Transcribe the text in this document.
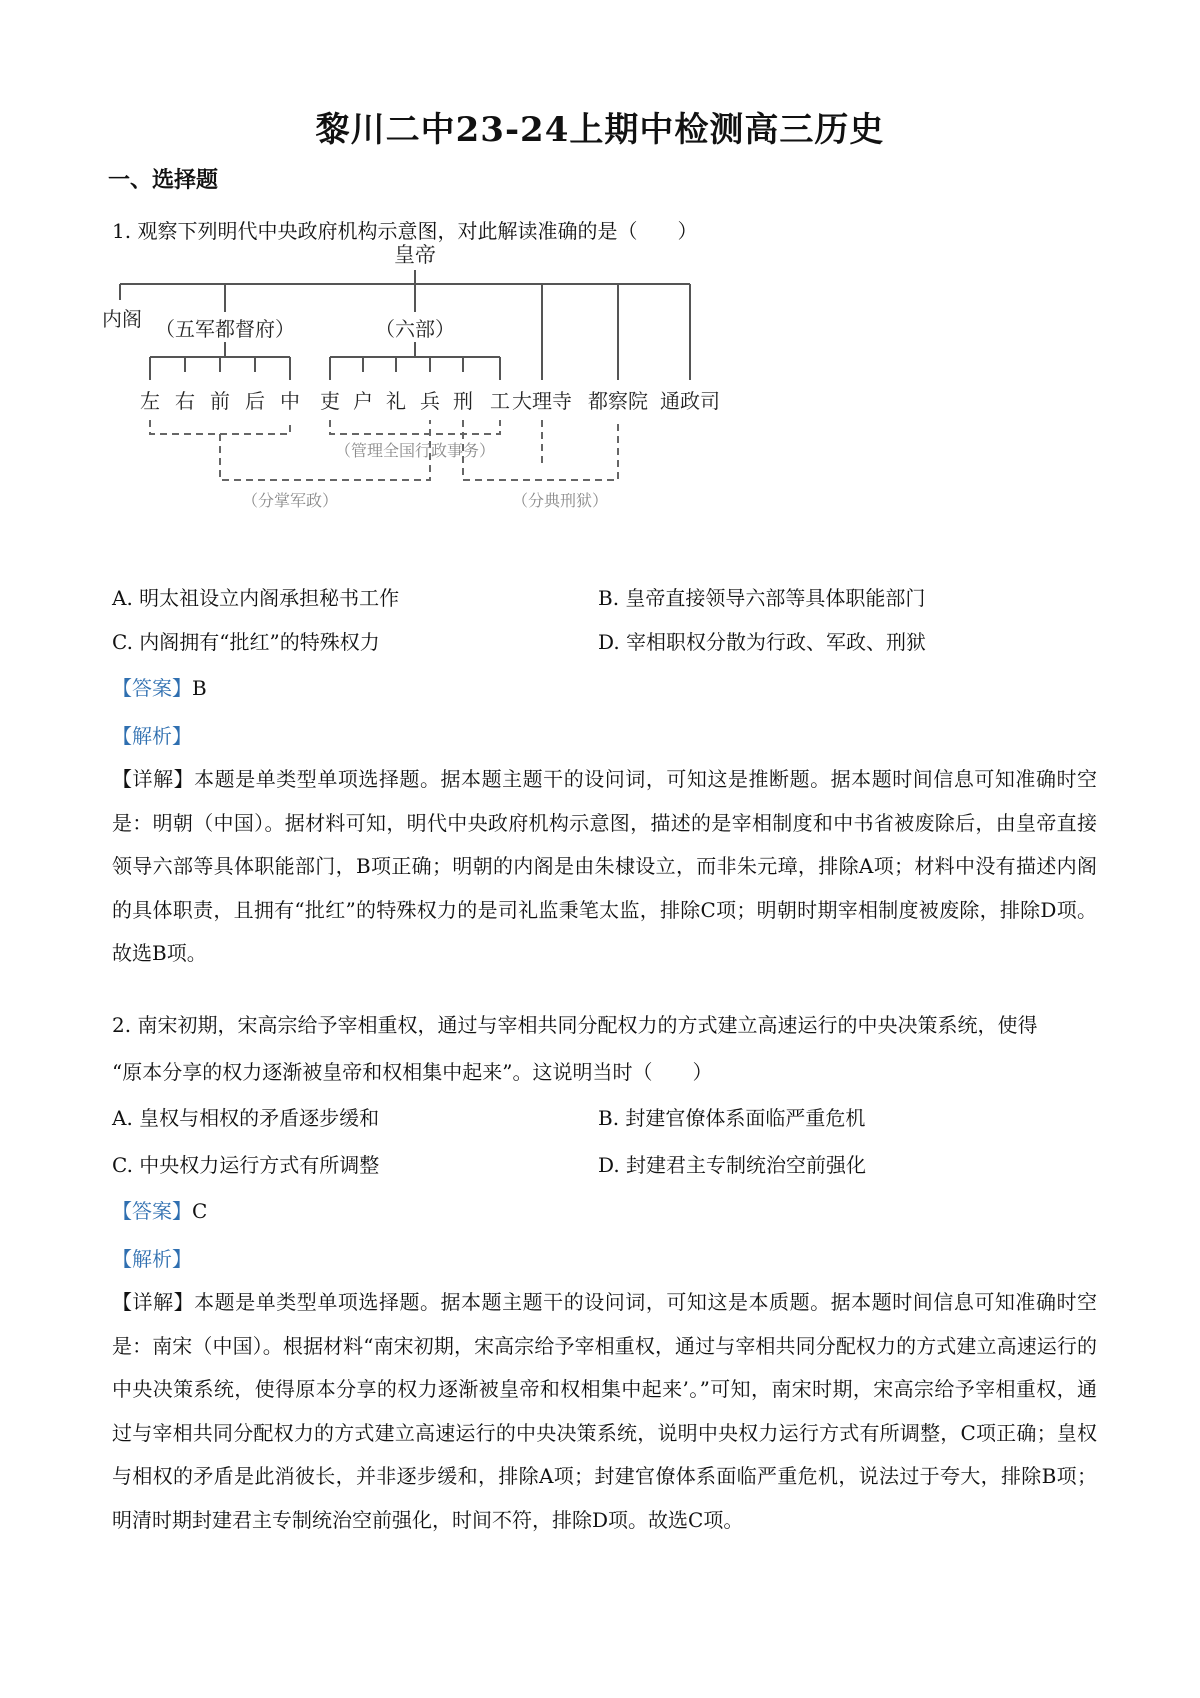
黎川二中23-24上期中检测高三历史
一、选择题
1. 观察下列明代中央政府机构示意图，对此解读准确的是（　　）
皇帝
内阁 （五军都督府）	（六部）
左 右 前 后 中 吏 户 礼 兵 刑 工 大理寺 都察院 通政司
（管理全国行政事务）
（分掌军政）	（分典刑狱）
A. 明太祖设立内阁承担秘书工作	B. 皇帝直接领导六部等具体职能部门
C. 内阁拥有“批红”的特殊权力	D. 宰相职权分散为行政、军政、刑狱
【答案】B
【解析】
【详解】本题是单类型单项选择题。据本题主题干的设问词，可知这是推断题。据本题时间信息可知准确时空是：明朝（中国）。据材料可知，明代中央政府机构示意图，描述的是宰相制度和中书省被废除后，由皇帝直接领导六部等具体职能部门，B项正确；明朝的内阁是由朱棣设立，而非朱元璋，排除A项；材料中没有描述内阁的具体职责，且拥有“批红”的特殊权力的是司礼监秉笔太监，排除C项；明朝时期宰相制度被废除，排除D项。故选B项。
2. 南宋初期，宋高宗给予宰相重权，通过与宰相共同分配权力的方式建立高速运行的中央决策系统，使得
“原本分享的权力逐渐被皇帝和权相集中起来”。这说明当时（　　）
A. 皇权与相权的矛盾逐步缓和	B. 封建官僚体系面临严重危机
C. 中央权力运行方式有所调整	D. 封建君主专制统治空前强化
【答案】C
【解析】
【详解】本题是单类型单项选择题。据本题主题干的设问词，可知这是本质题。据本题时间信息可知准确时空是：南宋（中国）。根据材料“南宋初期，宋高宗给予宰相重权，通过与宰相共同分配权力的方式建立高速运行的中央决策系统，使得原本分享的权力逐渐被皇帝和权相集中起来’。”可知，南宋时期，宋高宗给予宰相重权，通过与宰相共同分配权力的方式建立高速运行的中央决策系统，说明中央权力运行方式有所调整，C项正确；皇权与相权的矛盾是此消彼长，并非逐步缓和，排除A项；封建官僚体系面临严重危机，说法过于夸大，排除B项；明清时期封建君主专制统治空前强化，时间不符，排除D项。故选C项。
